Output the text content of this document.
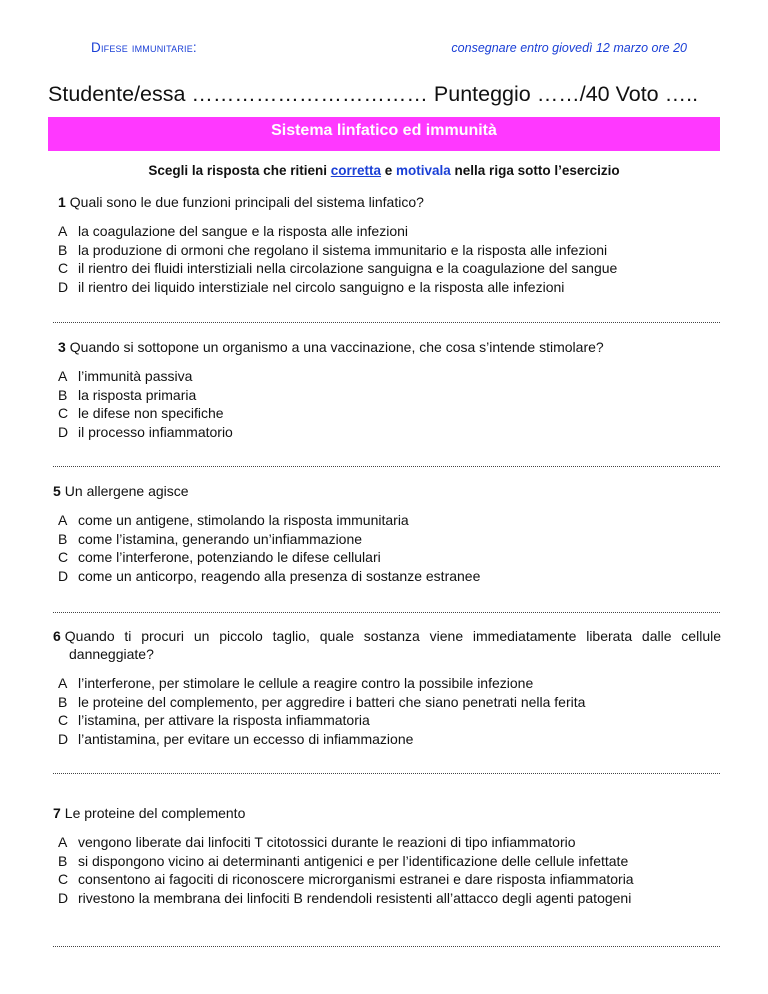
Difese immunitarie:	consegnare entro giovedì 12 marzo ore 20
Studente/essa …………………………… Punteggio ……/40 Voto …..
Sistema linfatico ed immunità
Scegli la risposta che ritieni corretta e motivala nella riga sotto l’esercizio
1 Quali sono le due funzioni principali del sistema linfatico?
A la coagulazione del sangue e la risposta alle infezioni
B la produzione di ormoni che regolano il sistema immunitario e la risposta alle infezioni
C il rientro dei fluidi interstiziali nella circolazione sanguigna e la coagulazione del sangue
D il rientro dei liquido interstiziale nel circolo sanguigno e la risposta alle infezioni
3 Quando si sottopone un organismo a una vaccinazione, che cosa s’intende stimolare?
A l’immunità passiva
B la risposta primaria
C le difese non specifiche
D il processo infiammatorio
5 Un allergene agisce
A come un antigene, stimolando la risposta immunitaria
B come l’istamina, generando un’infiammazione
C come l’interferone, potenziando le difese cellulari
D come un anticorpo, reagendo alla presenza di sostanze estranee
6 Quando ti procuri un piccolo taglio, quale sostanza viene immediatamente liberata dalle cellule danneggiate?
A l’interferone, per stimolare le cellule a reagire contro la possibile infezione
B le proteine del complemento, per aggredire i batteri che siano penetrati nella ferita
C l’istamina, per attivare la risposta infiammatoria
D l’antistamina, per evitare un eccesso di infiammazione
7 Le proteine del complemento
A vengono liberate dai linfociti T citotossici durante le reazioni di tipo infiammatorio
B si dispongono vicino ai determinanti antigenici e per l’identificazione delle cellule infettate
C consentono ai fagociti di riconoscere microrganismi estranei e dare risposta infiammatoria
D rivestono la membrana dei linfociti B rendendoli resistenti all’attacco degli agenti patogeni
